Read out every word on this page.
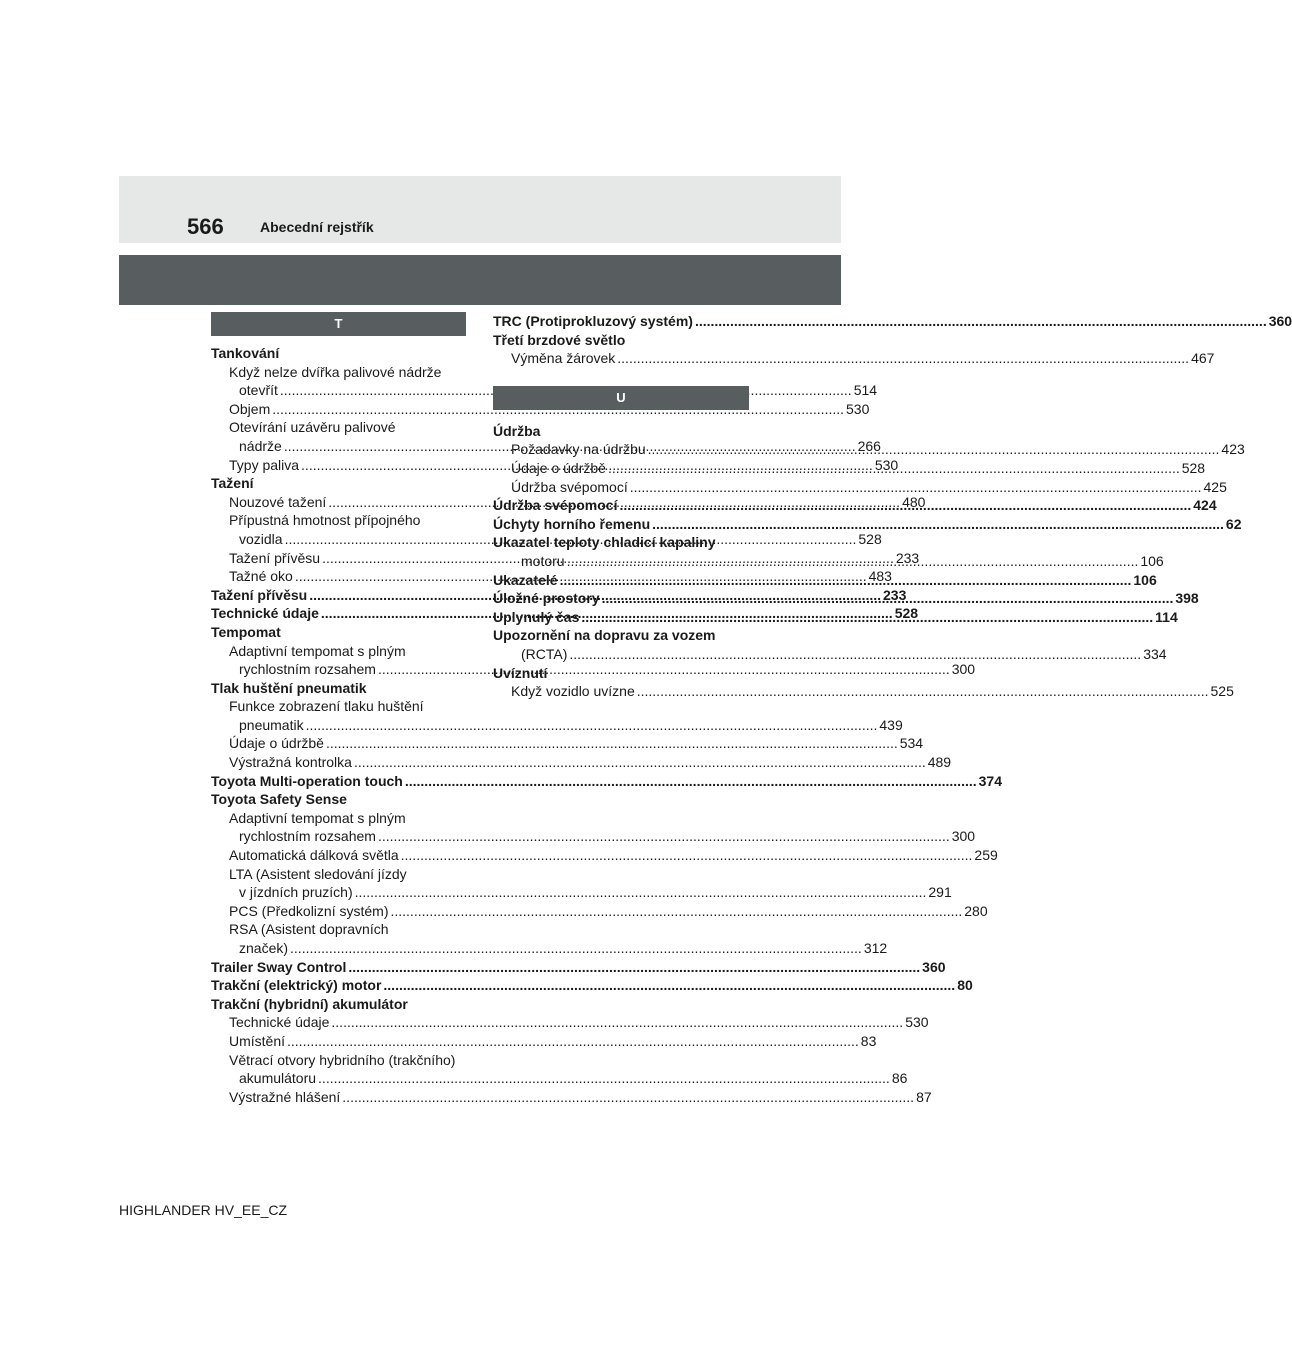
566	Abecední rejstřík
T
Tankování
Když nelze dvířka palivové nádrže
otevřít .....	514
Objem .....	530
Otevírání uzávěru palivové
nádrže .....	266
Typy paliva .....	530
Tažení
Nouzové tažení .....	480
Přípustná hmotnost přípojného
vozidla .....	528
Tažení přívěsu .....	233
Tažné oko .....	483
Tažení přívěsu .....	233
Technické údaje .....	528
Tempomat
Adaptivní tempomat s plným
rychlostním rozsahem .....	300
Tlak huštění pneumatik
Funkce zobrazení tlaku huštění
pneumatik .....	439
Údaje o údržbě .....	534
Výstražná kontrolka .....	489
Toyota Multi-operation touch .....	374
Toyota Safety Sense
Adaptivní tempomat s plným
rychlostním rozsahem .....	300
Automatická dálková světla .....	259
LTA (Asistent sledování jízdy
v jízdních pruzích) .....	291
PCS (Předkolizní systém) .....	280
RSA (Asistent dopravních
značek) .....	312
Trailer Sway Control .....	360
Trakční (elektrický) motor .....	80
Trakční (hybridní) akumulátor
Technické údaje .....	530
Umístění .....	83
Větrací otvory hybridního (trakčního)
akumulátoru .....	86
Výstražné hlášení .....	87
TRC (Protiprokluzový systém) .....	360
Třetí brzdové světlo
Výměna žárovek .....	467
U
Údržba
Požadavky na údržbu .....	423
Údaje o údržbě .....	528
Údržba svépomocí .....	425
Údržba svépomocí .....	424
Úchyty horního řemenu .....	62
Ukazatel teploty chladicí kapaliny
motoru .....	106
Ukazatelé .....	106
Úložné prostory .....	398
Uplynulý čas .....	114
Upozornění na dopravu za vozem
(RCTA) .....	334
Uvíznutí
Když vozidlo uvízne .....	525
HIGHLANDER HV_EE_CZ
